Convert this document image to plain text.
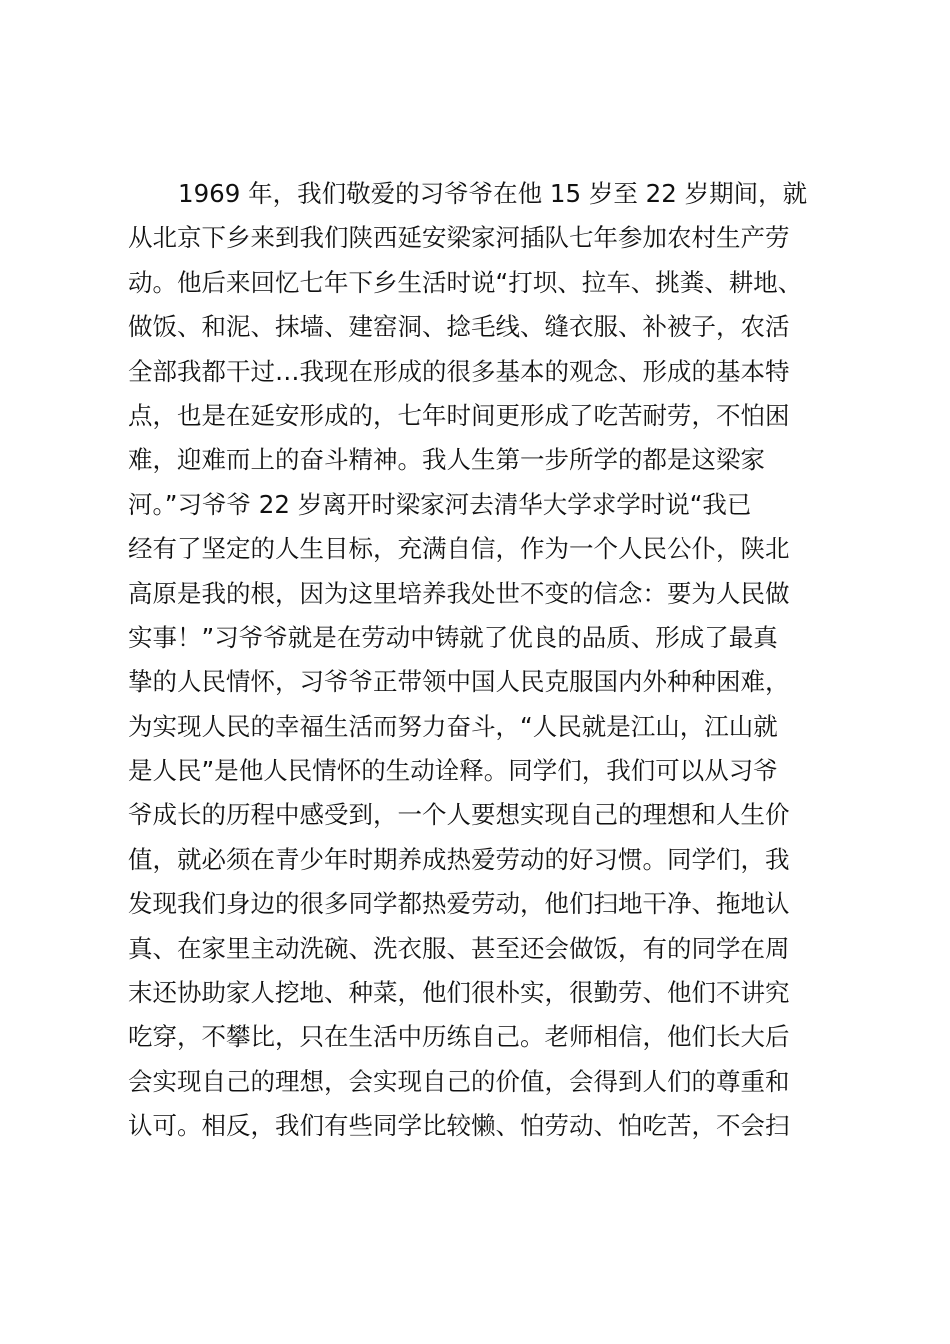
1969 年，我们敬爱的习爷爷在他 15 岁至 22 岁期间，就
从北京下乡来到我们陕西延安梁家河插队七年参加农村生产劳
动。他后来回忆七年下乡生活时说“打坝、拉车、挑粪、耕地、
做饭、和泥、抹墙、建窑洞、捻毛线、缝衣服、补被子，农活
全部我都干过…我现在形成的很多基本的观念、形成的基本特
点，也是在延安形成的，七年时间更形成了吃苦耐劳，不怕困
难，迎难而上的奋斗精神。我人生第一步所学的都是这梁家
河。”习爷爷 22 岁离开时梁家河去清华大学求学时说“我已
经有了坚定的人生目标，充满自信，作为一个人民公仆，陕北
高原是我的根，因为这里培养我处世不变的信念：要为人民做
实事！”习爷爷就是在劳动中铸就了优良的品质、形成了最真
挚的人民情怀，习爷爷正带领中国人民克服国内外种种困难，
为实现人民的幸福生活而努力奋斗，“人民就是江山，江山就
是人民”是他人民情怀的生动诠释。同学们，我们可以从习爷
爷成长的历程中感受到，一个人要想实现自己的理想和人生价
值，就必须在青少年时期养成热爱劳动的好习惯。同学们，我
发现我们身边的很多同学都热爱劳动，他们扫地干净、拖地认
真、在家里主动洗碗、洗衣服、甚至还会做饭，有的同学在周
末还协助家人挖地、种菜，他们很朴实，很勤劳、他们不讲究
吃穿，不攀比，只在生活中历练自己。老师相信，他们长大后
会实现自己的理想，会实现自己的价值，会得到人们的尊重和
认可。相反，我们有些同学比较懒、怕劳动、怕吃苦，不会扫
